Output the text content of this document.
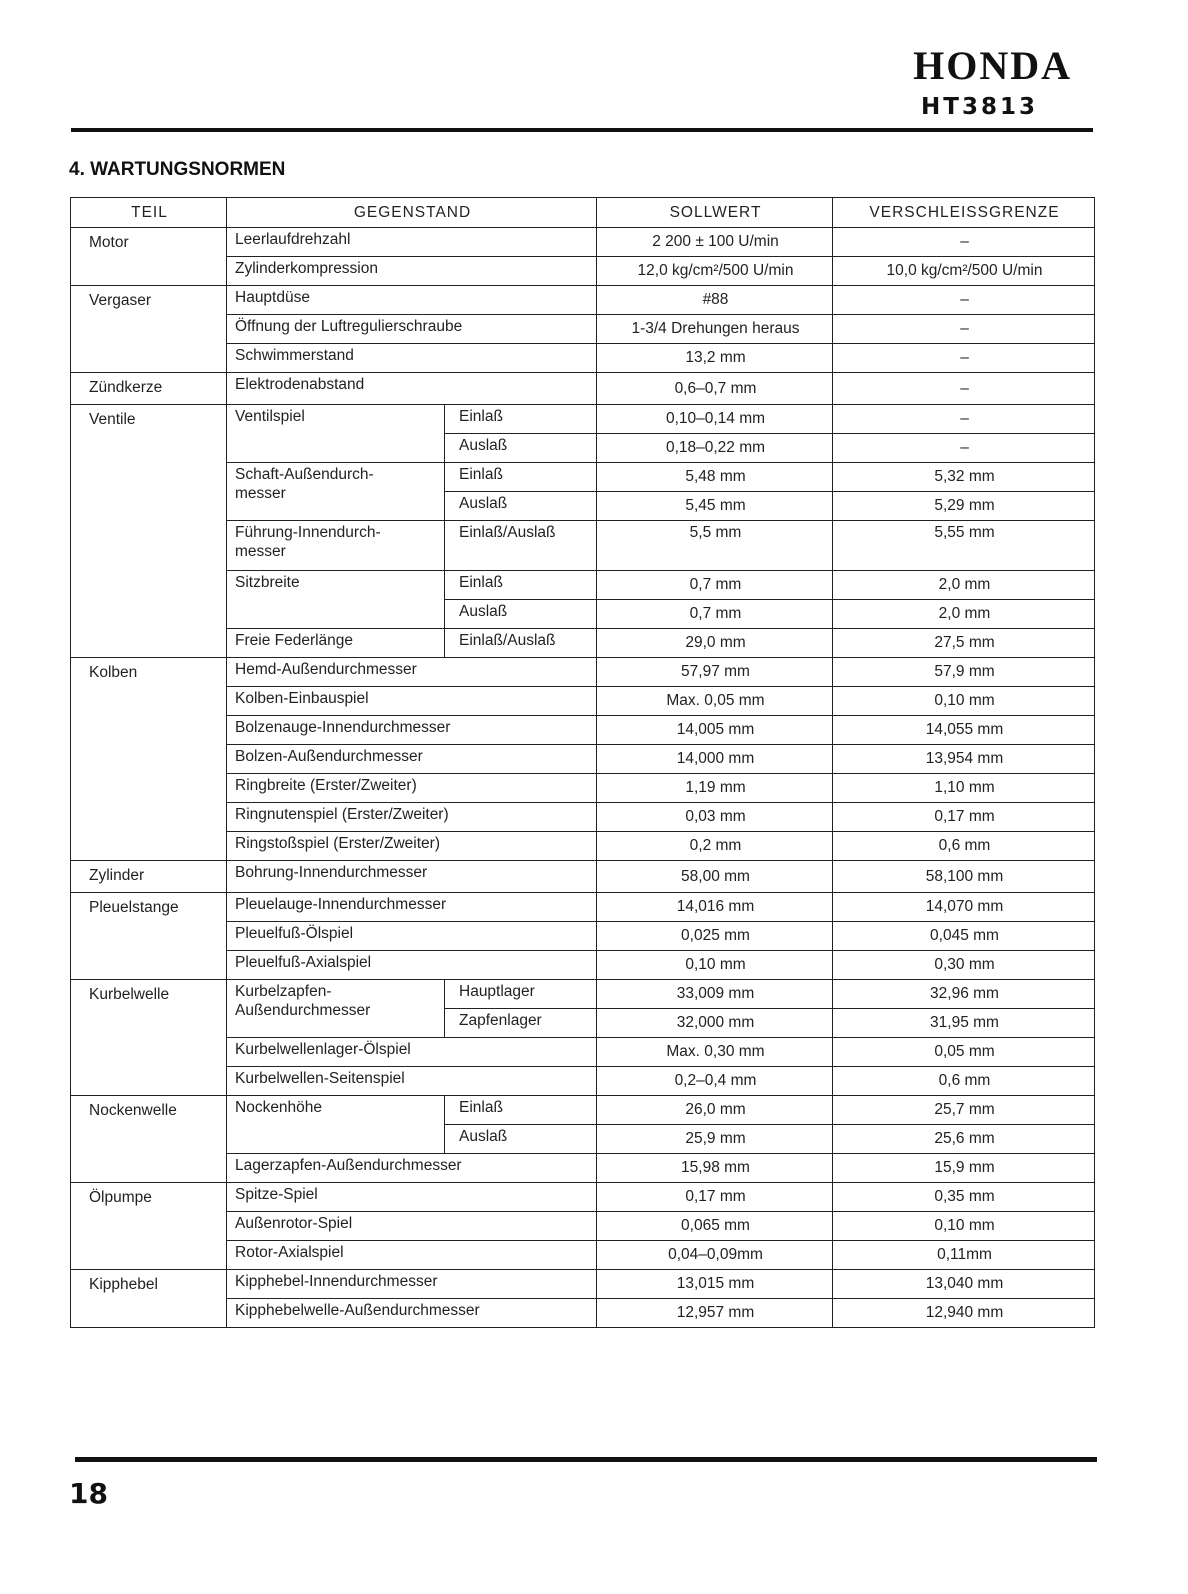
HONDA
HT3813
4. WARTUNGSNORMEN
TEIL	GEGENSTAND		SOLLWERT	VERSCHLEISSGRENZE
Motor	Leerlaufdrehzahl		2 200 ± 100 U/min	–
	Zylinderkompression		12,0 kg/cm²/500 U/min	10,0 kg/cm²/500 U/min
Vergaser	Hauptdüse		#88	–
	Öffnung der Luftregulierschraube		1-3/4 Drehungen heraus	–
	Schwimmerstand		13,2 mm	–
Zündkerze	Elektrodenabstand		0,6–0,7 mm	–
Ventile	Ventilspiel	Einlaß	0,10–0,14 mm	–
		Auslaß	0,18–0,22 mm	–
	Schaft-Außendurch-
messer	Einlaß	5,48 mm	5,32 mm
		Auslaß	5,45 mm	5,29 mm
	Führung-Innendurch-
messer	Einlaß/Auslaß	5,5 mm	5,55 mm
	Sitzbreite	Einlaß	0,7 mm	2,0 mm
		Auslaß	0,7 mm	2,0 mm
	Freie Federlänge	Einlaß/Auslaß	29,0 mm	27,5 mm
Kolben	Hemd-Außendurchmesser		57,97 mm	57,9 mm
	Kolben-Einbauspiel		Max. 0,05 mm	0,10 mm
	Bolzenauge-Innendurchmesser		14,005 mm	14,055 mm
	Bolzen-Außendurchmesser		14,000 mm	13,954 mm
	Ringbreite (Erster/Zweiter)		1,19 mm	1,10 mm
	Ringnutenspiel (Erster/Zweiter)		0,03 mm	0,17 mm
	Ringstoßspiel (Erster/Zweiter)		0,2 mm	0,6 mm
Zylinder	Bohrung-Innendurchmesser		58,00 mm	58,100 mm
Pleuelstange	Pleuelauge-Innendurchmesser		14,016 mm	14,070 mm
	Pleuelfuß-Ölspiel		0,025 mm	0,045 mm
	Pleuelfuß-Axialspiel		0,10 mm	0,30 mm
Kurbelwelle	Kurbelzapfen-
Außendurchmesser	Hauptlager	33,009 mm	32,96 mm
		Zapfenlager	32,000 mm	31,95 mm
	Kurbelwellenlager-Ölspiel		Max. 0,30 mm	0,05 mm
	Kurbelwellen-Seitenspiel		0,2–0,4 mm	0,6 mm
Nockenwelle	Nockenhöhe	Einlaß	26,0 mm	25,7 mm
		Auslaß	25,9 mm	25,6 mm
	Lagerzapfen-Außendurchmesser		15,98 mm	15,9 mm
Ölpumpe	Spitze-Spiel		0,17 mm	0,35 mm
	Außenrotor-Spiel		0,065 mm	0,10 mm
	Rotor-Axialspiel		0,04–0,09mm	0,11mm
Kipphebel	Kipphebel-Innendurchmesser		13,015 mm	13,040 mm
	Kipphebelwelle-Außendurchmesser		12,957 mm	12,940 mm
18
